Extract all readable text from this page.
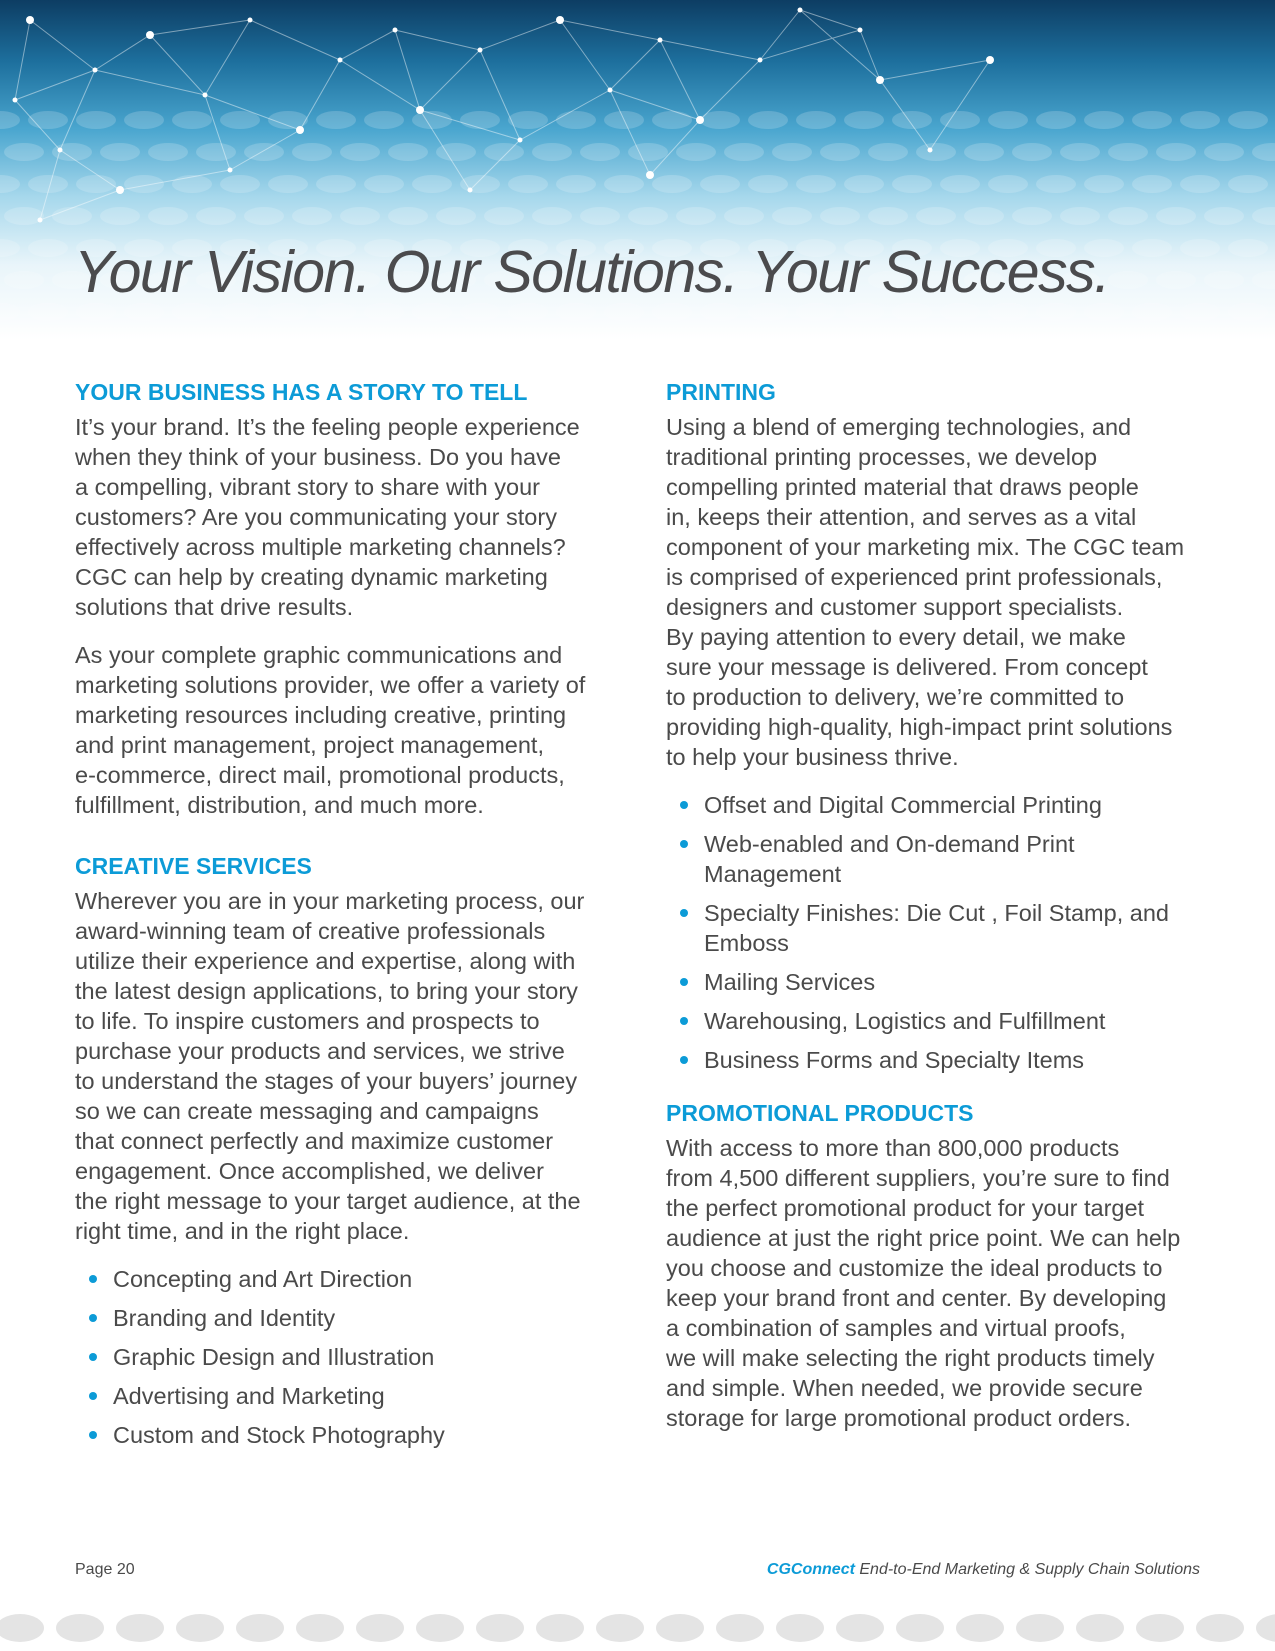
Your Vision. Our Solutions. Your Success.
YOUR BUSINESS HAS A STORY TO TELL

It’s your brand. It’s the feeling people experience
when they think of your business. Do you have
a compelling, vibrant story to share with your
customers? Are you communicating your story
effectively across multiple marketing channels?
CGC can help by creating dynamic marketing
solutions that drive results.

As your complete graphic communications and
marketing solutions provider, we offer a variety of
marketing resources including creative, printing
and print management, project management,
e-commerce, direct mail, promotional products,
fulfillment, distribution, and much more.

CREATIVE SERVICES

Wherever you are in your marketing process, our
award-winning team of creative professionals
utilize their experience and expertise, along with
the latest design applications, to bring your story
to life. To inspire customers and prospects to
purchase your products and services, we strive
to understand the stages of your buyers’ journey
so we can create messaging and campaigns
that connect perfectly and maximize customer
engagement. Once accomplished, we deliver
the right message to your target audience, at the
right time, and in the right place.

Concepting and Art Direction
Branding and Identity
Graphic Design and Illustration
Advertising and Marketing
Custom and Stock Photography
PRINTING

Using a blend of emerging technologies, and
traditional printing processes, we develop
compelling printed material that draws people
in, keeps their attention, and serves as a vital
component of your marketing mix. The CGC team
is comprised of experienced print professionals,
designers and customer support specialists.
By paying attention to every detail, we make
sure your message is delivered. From concept
to production to delivery, we’re committed to
providing high-quality, high-impact print solutions
to help your business thrive.

Offset and Digital Commercial Printing
Web-enabled and On-demand Print
Management
Specialty Finishes: Die Cut , Foil Stamp, and
Emboss
Mailing Services
Warehousing, Logistics and Fulfillment
Business Forms and Specialty Items
PROMOTIONAL PRODUCTS

With access to more than 800,000 products
from 4,500 different suppliers, you’re sure to find
the perfect promotional product for your target
audience at just the right price point. We can help
you choose and customize the ideal products to
keep your brand front and center. By developing
a combination of samples and virtual proofs,
we will make selecting the right products timely
and simple. When needed, we provide secure
storage for large promotional product orders.

Page 20	CGConnect End-to-End Marketing & Supply Chain Solutions
